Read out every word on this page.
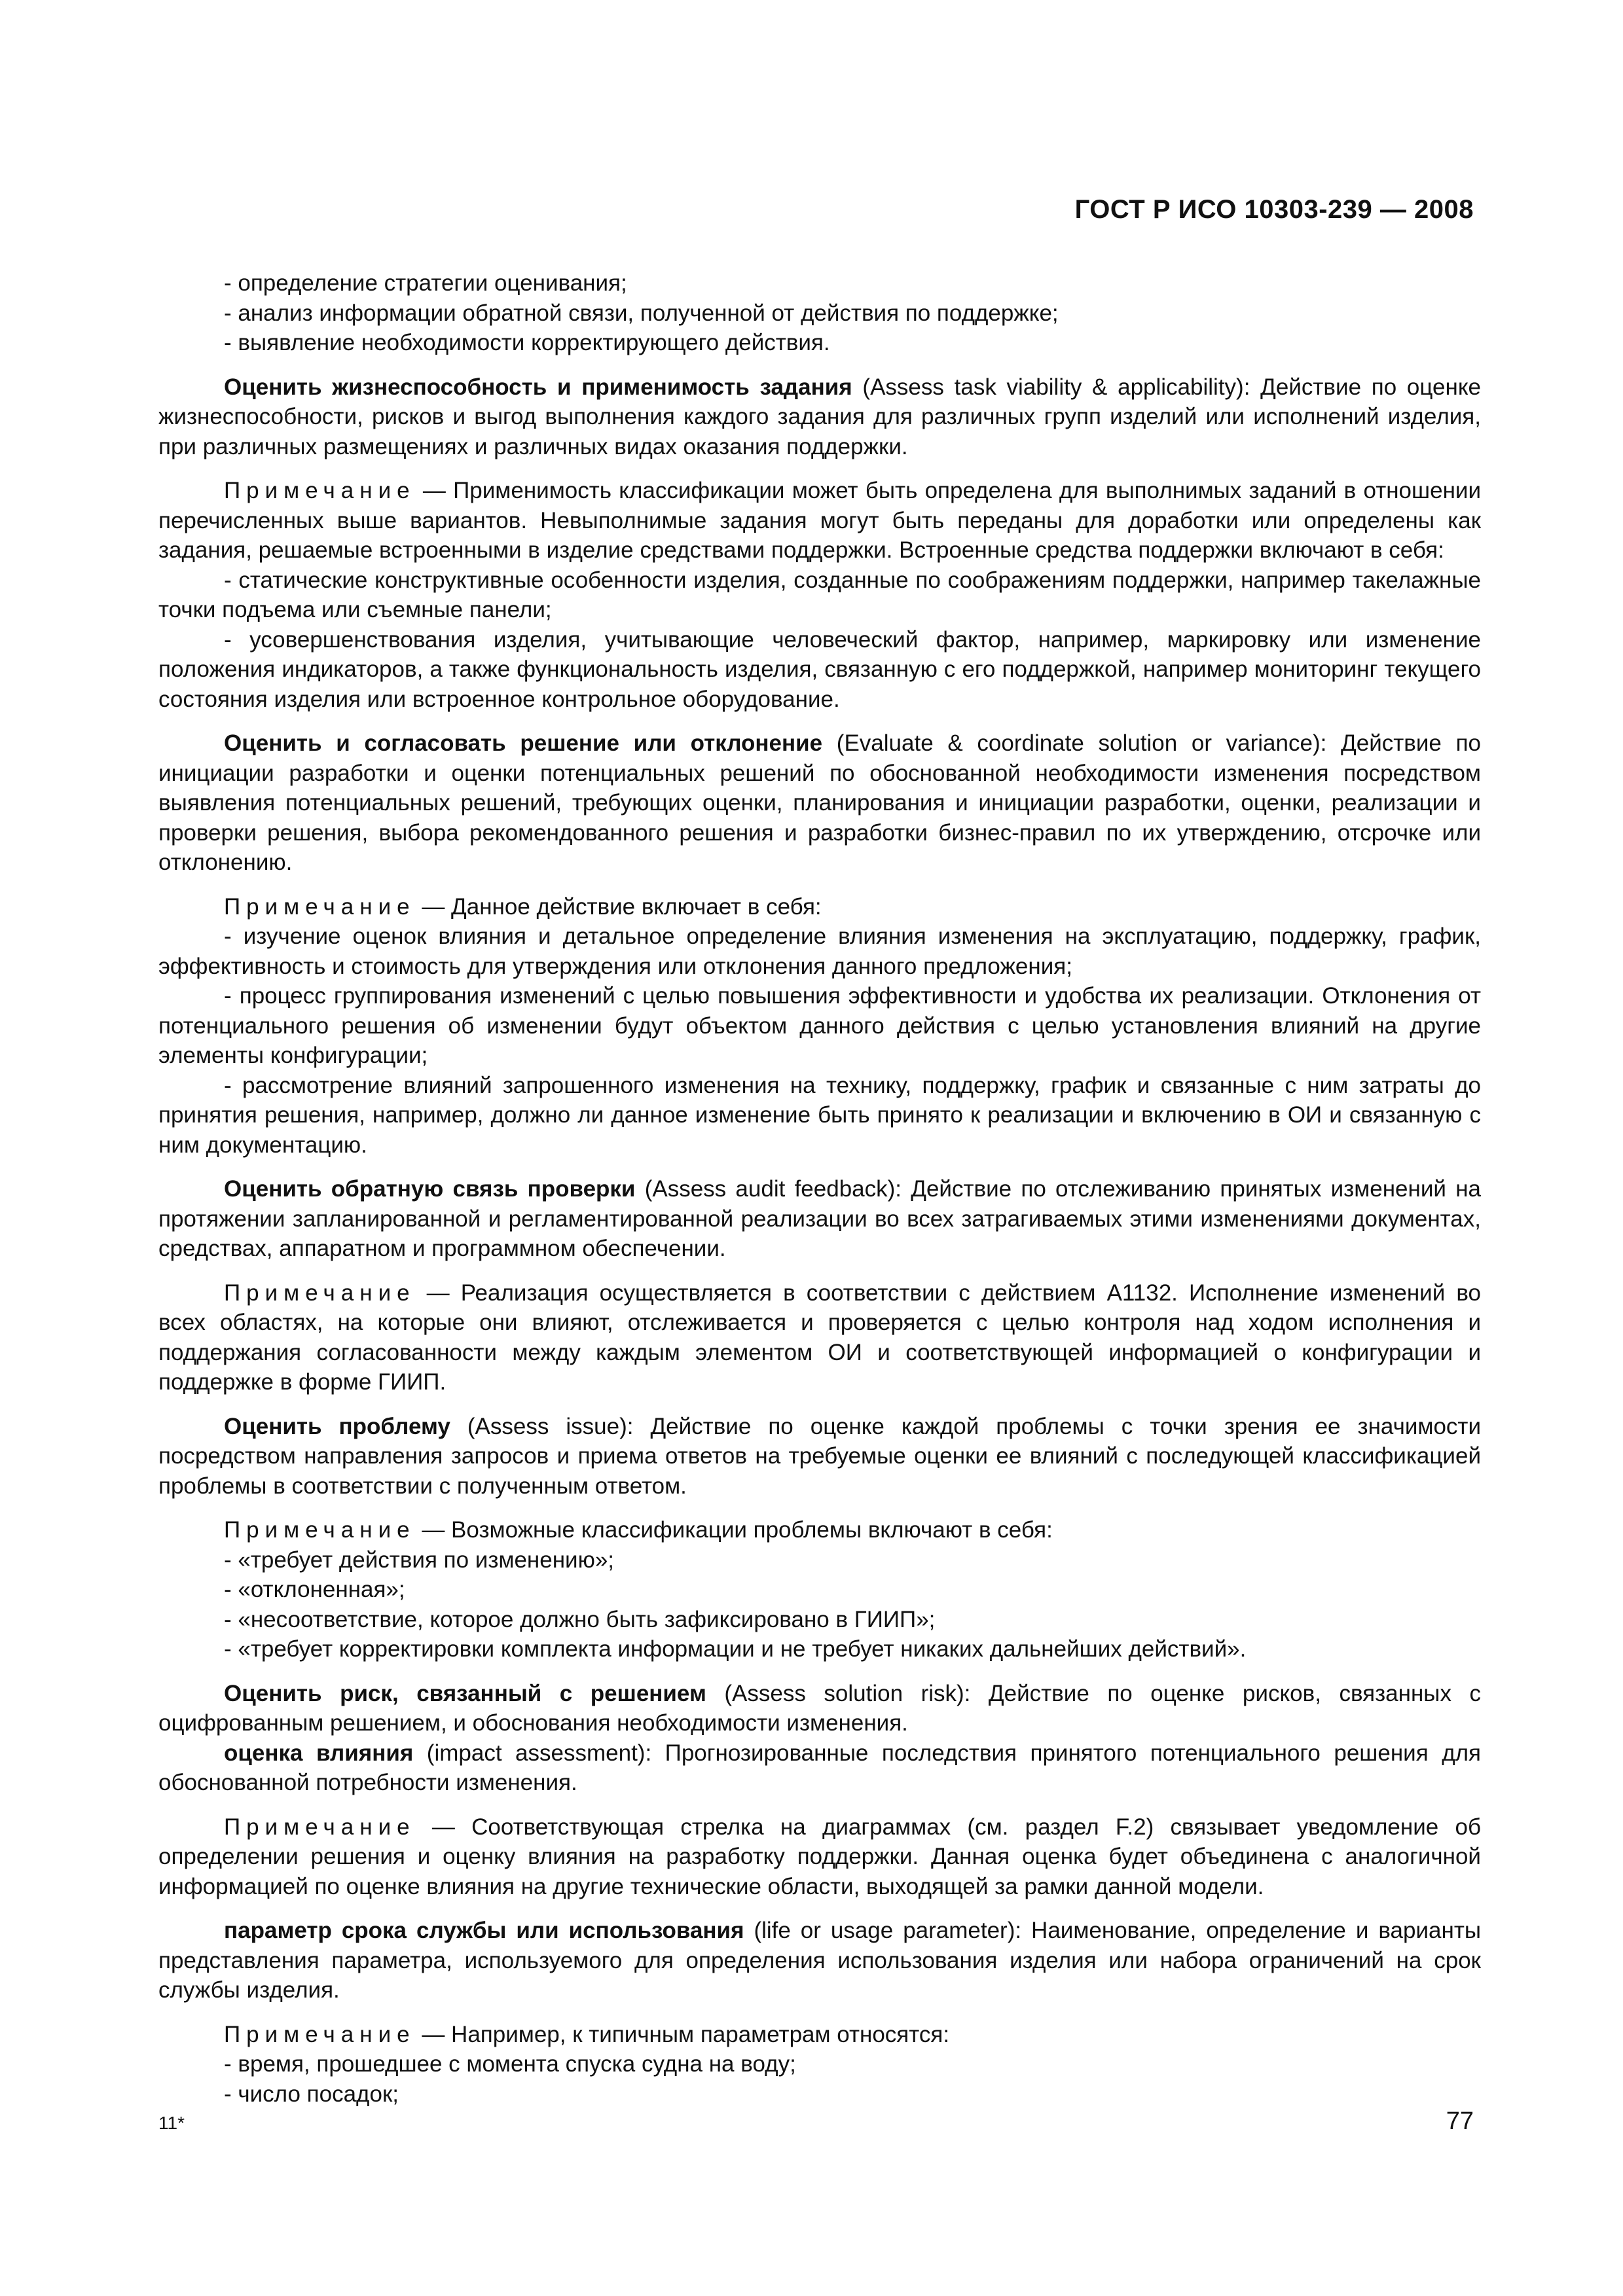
ГОСТ Р ИСО 10303-239 — 2008

- определение стратегии оценивания;

- анализ информации обратной связи, полученной от действия по поддержке;

- выявление необходимости корректирующего действия.

Оценить жизнеспособность и применимость задания (Assess task viability & applicability): Действие по оценке жизнеспособности, рисков и выгод выполнения каждого задания для различных групп изделий или исполнений изделия, при различных размещениях и различных видах оказания поддержки.

Примечание — Применимость классификации может быть определена для выполнимых заданий в отношении перечисленных выше вариантов. Невыполнимые задания могут быть переданы для доработки или определены как задания, решаемые встроенными в изделие средствами поддержки. Встроенные средства поддержки включают в себя:

- статические конструктивные особенности изделия, созданные по соображениям поддержки, например такелажные точки подъема или съемные панели;

- усовершенствования изделия, учитывающие человеческий фактор, например, маркировку или изменение положения индикаторов, а также функциональность изделия, связанную с его поддержкой, например мониторинг текущего состояния изделия или встроенное контрольное оборудование.

Оценить и согласовать решение или отклонение (Evaluate & coordinate solution or variance): Действие по инициации разработки и оценки потенциальных решений по обоснованной необходимости изменения посредством выявления потенциальных решений, требующих оценки, планирования и инициации разработки, оценки, реализации и проверки решения, выбора рекомендованного решения и разработки бизнес-правил по их утверждению, отсрочке или отклонению.

Примечание — Данное действие включает в себя:

- изучение оценок влияния и детальное определение влияния изменения на эксплуатацию, поддержку, график, эффективность и стоимость для утверждения или отклонения данного предложения;

- процесс группирования изменений с целью повышения эффективности и удобства их реализации. Отклонения от потенциального решения об изменении будут объектом данного действия с целью установления влияний на другие элементы конфигурации;

- рассмотрение влияний запрошенного изменения на технику, поддержку, график и связанные с ним затраты до принятия решения, например, должно ли данное изменение быть принято к реализации и включению в ОИ и связанную с ним документацию.

Оценить обратную связь проверки (Assess audit feedback): Действие по отслеживанию принятых изменений на протяжении запланированной и регламентированной реализации во всех затрагиваемых этими изменениями документах, средствах, аппаратном и программном обеспечении.

Примечание — Реализация осуществляется в соответствии с действием А1132. Исполнение изменений во всех областях, на которые они влияют, отслеживается и проверяется с целью контроля над ходом исполнения и поддержания согласованности между каждым элементом ОИ и соответствующей информацией о конфигурации и поддержке в форме ГИИП.

Оценить проблему (Assess issue): Действие по оценке каждой проблемы с точки зрения ее значимости посредством направления запросов и приема ответов на требуемые оценки ее влияний с последующей классификацией проблемы в соответствии с полученным ответом.

Примечание — Возможные классификации проблемы включают в себя:

- «требует действия по изменению»;

- «отклоненная»;

- «несоответствие, которое должно быть зафиксировано в ГИИП»;

- «требует корректировки комплекта информации и не требует никаких дальнейших действий».

Оценить риск, связанный с решением (Assess solution risk): Действие по оценке рисков, связанных с оцифрованным решением, и обоснования необходимости изменения.

оценка влияния (impact assessment): Прогнозированные последствия принятого потенциального решения для обоснованной потребности изменения.

Примечание — Соответствующая стрелка на диаграммах (см. раздел F.2) связывает уведомление об определении решения и оценку влияния на разработку поддержки. Данная оценка будет объединена с аналогичной информацией по оценке влияния на другие технические области, выходящей за рамки данной модели.

параметр срока службы или использования (life or usage parameter): Наименование, определение и варианты представления параметра, используемого для определения использования изделия или набора ограничений на срок службы изделия.

Примечание — Например, к типичным параметрам относятся:

- время, прошедшее с момента спуска судна на воду;

- число посадок;

11*	77
